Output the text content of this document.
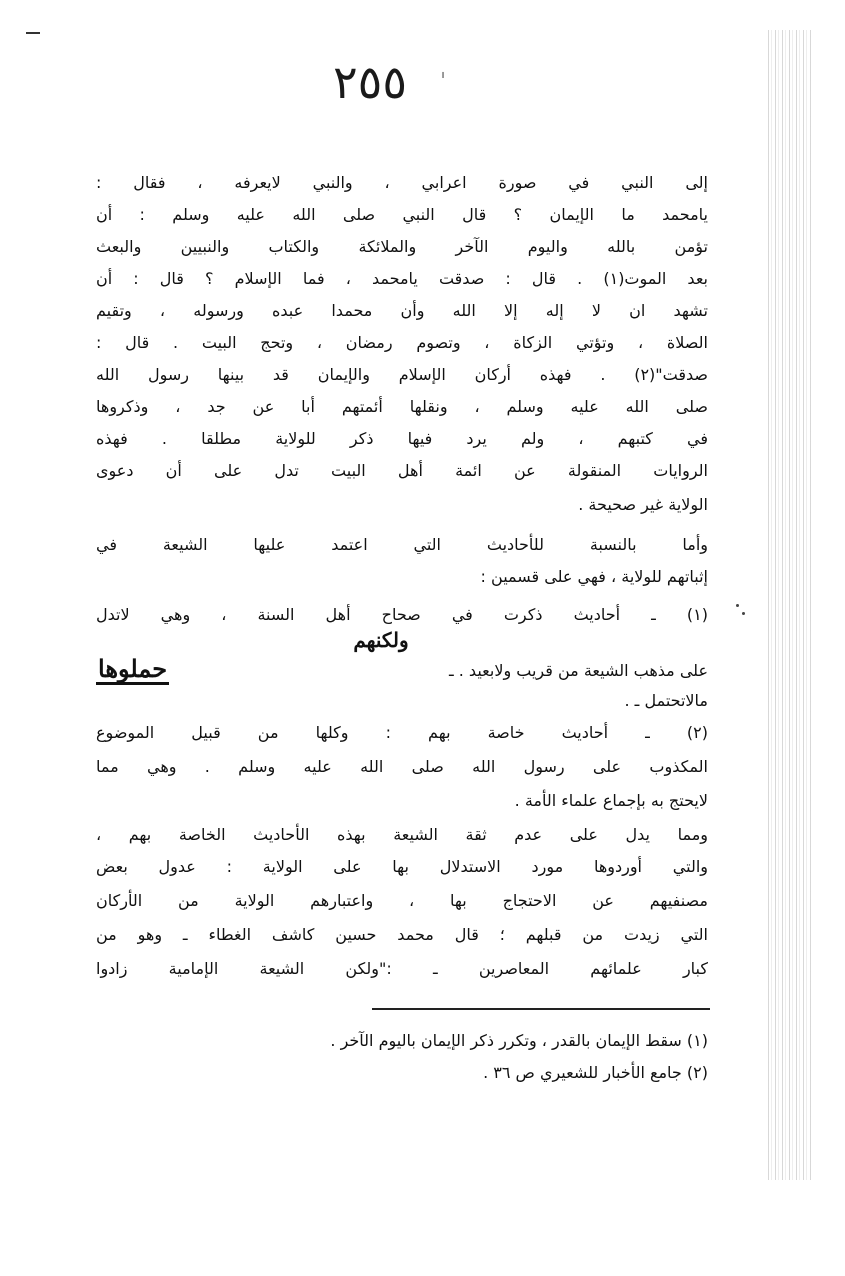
٢٥٥	ˈ
إلى النبي في صورة اعرابي ، والنبي لايعرفه ، فقال :
يامحمد ما الإيمان ؟ قال النبي صلى الله عليه وسلم : أن
تؤمن بالله واليوم الآخر والملائكة والكتاب والنبيين والبعث
بعد الموت(١) . قال : صدقت يامحمد ، فما الإسلام ؟ قال : أن
تشهد ان لا إله إلا الله وأن محمدا عبده ورسوله ، وتقيم
الصلاة ، وتؤتي الزكاة ، وتصوم رمضان ، وتحج البيت . قال :
صدقت"(٢) . فهذه أركان الإسلام والإيمان قد بينها رسول الله
صلى الله عليه وسلم ، ونقلها أئمتهم أبا عن جد ، وذكروها
في كتبهم ، ولم يرد فيها ذكر للولاية مطلقا . فهذه
الروايات المنقولة عن ائمة أهل البيت تدل على أن دعوى
الولاية غير صحيحة .
وأما بالنسبة للأحاديث التي اعتمد عليها الشيعة في
إثباتهم للولاية ، فهي على قسمين :
(١) ـ أحاديث ذكرت في صحاح أهل السنة ، وهي لاتدل
ولكنهم
على مذهب الشيعة من قريب ولابعيد . ـ
حملوها
مالاتحتمل ـ .
(٢) ـ أحاديث خاصة بهم : وكلها من قبيل الموضوع
المكذوب على رسول الله صلى الله عليه وسلم . وهي مما
لايحتج به بإجماع علماء الأمة .
ومما يدل على عدم ثقة الشيعة بهذه الأحاديث الخاصة بهم ،
والتي أوردوها مورد الاستدلال بها على الولاية : عدول بعض
مصنفيهم عن الاحتجاج بها ، واعتبارهم الولاية من الأركان
التي زيدت من قبلهم ؛ قال محمد حسين كاشف الغطاء ـ وهو من
كبار علمائهم المعاصرين ـ :"ولكن الشيعة الإمامية زادوا
(١) سقط الإيمان بالقدر ، وتكرر ذكر الإيمان باليوم الآخر .
(٢) جامع الأخبار للشعيري ص ٣٦ .
